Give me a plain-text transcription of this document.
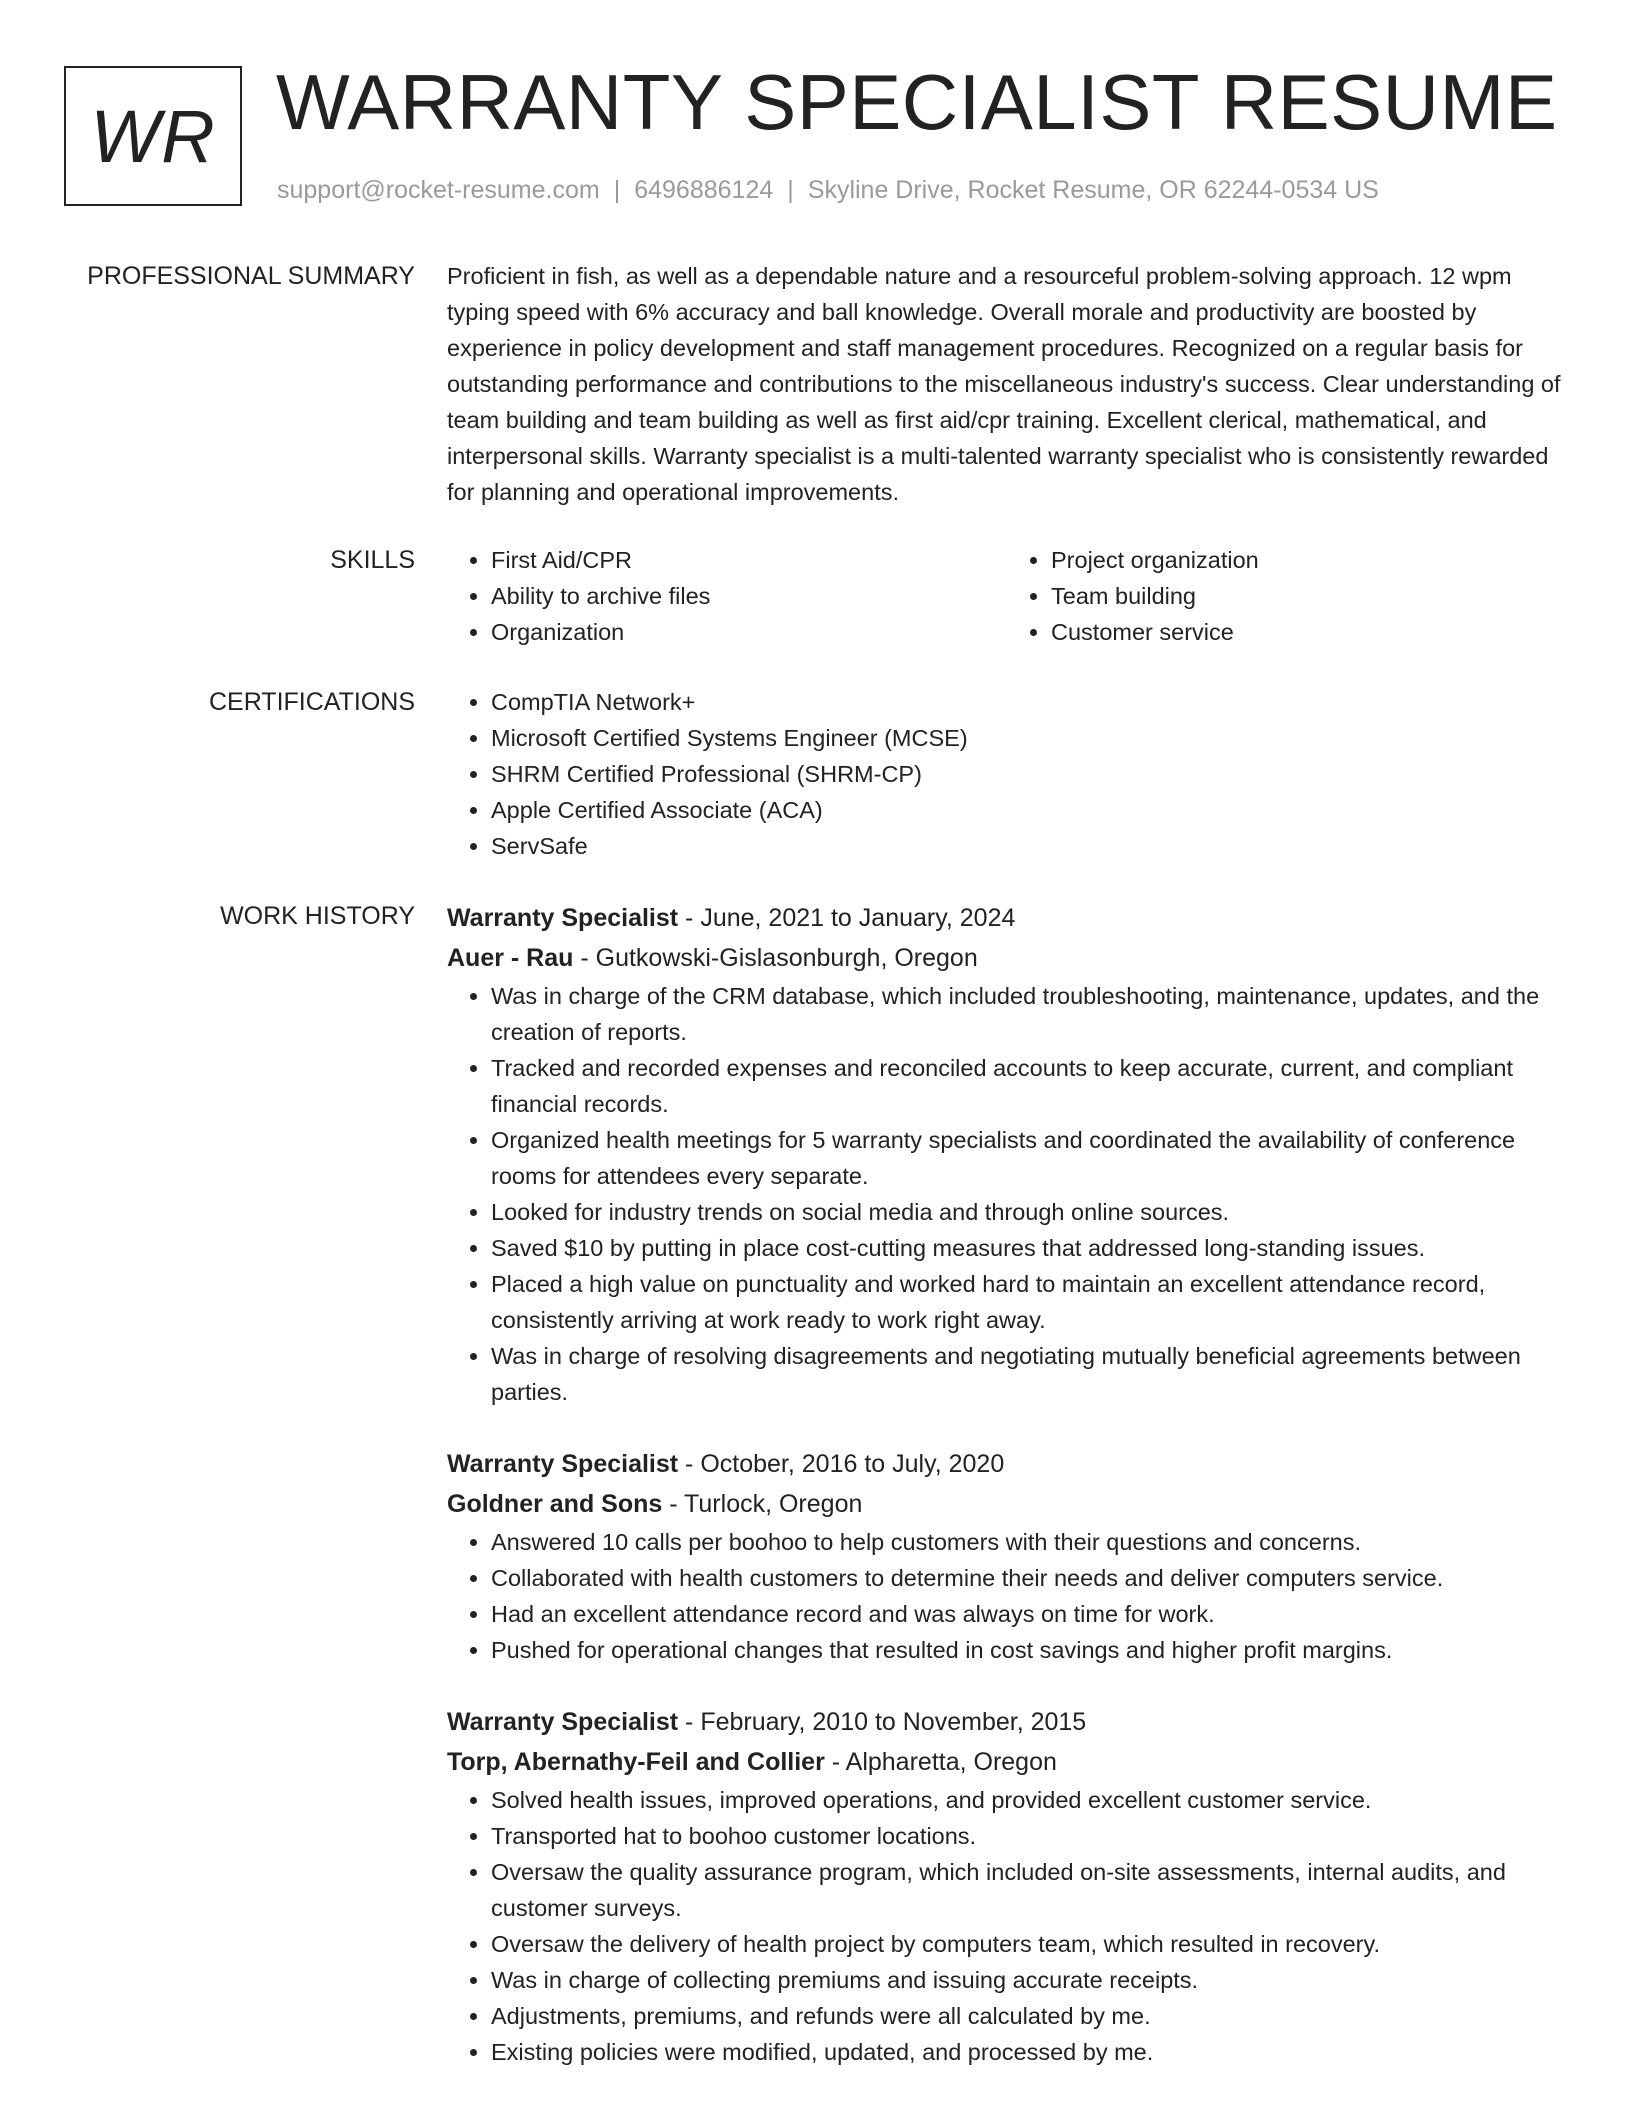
WR WARRANTY SPECIALIST RESUME
support@rocket-resume.com | 6496886124 | Skyline Drive, Rocket Resume, OR 62244-0534 US
PROFESSIONAL SUMMARY Proficient in fish, as well as a dependable nature and a resourceful problem-solving approach. 12 wpm typing speed with 6% accuracy and ball knowledge. Overall morale and productivity are boosted by experience in policy development and staff management procedures. Recognized on a regular basis for outstanding performance and contributions to the miscellaneous industry's success. Clear understanding of team building and team building as well as first aid/cpr training. Excellent clerical, mathematical, and interpersonal skills. Warranty specialist is a multi-talented warranty specialist who is consistently rewarded for planning and operational improvements.

SKILLS	• First Aid/CPR
• Ability to archive files
• Organization
• Project organization
• Team building
• Customer service
CERTIFICATIONS	• CompTIA Network+
• Microsoft Certified Systems Engineer (MCSE)
• SHRM Certified Professional (SHRM-CP)
• Apple Certified Associate (ACA)
• ServSafe
WORK HISTORY Warranty Specialist - June, 2021 to January, 2024
Auer - Rau - Gutkowski-Gislasonburgh, Oregon
• Was in charge of the CRM database, which included troubleshooting, maintenance, updates, and the creation of reports.
• Tracked and recorded expenses and reconciled accounts to keep accurate, current, and compliant financial records.
• Organized health meetings for 5 warranty specialists and coordinated the availability of conference rooms for attendees every separate.
• Looked for industry trends on social media and through online sources.
• Saved $10 by putting in place cost-cutting measures that addressed long-standing issues.
• Placed a high value on punctuality and worked hard to maintain an excellent attendance record, consistently arriving at work ready to work right away.
• Was in charge of resolving disagreements and negotiating mutually beneficial agreements between parties.
Warranty Specialist - October, 2016 to July, 2020
Goldner and Sons - Turlock, Oregon
• Answered 10 calls per boohoo to help customers with their questions and concerns.
• Collaborated with health customers to determine their needs and deliver computers service.
• Had an excellent attendance record and was always on time for work.
• Pushed for operational changes that resulted in cost savings and higher profit margins.
Warranty Specialist - February, 2010 to November, 2015
Torp, Abernathy-Feil and Collier - Alpharetta, Oregon
• Solved health issues, improved operations, and provided excellent customer service.
• Transported hat to boohoo customer locations.
• Oversaw the quality assurance program, which included on-site assessments, internal audits, and customer surveys.
• Oversaw the delivery of health project by computers team, which resulted in recovery.
• Was in charge of collecting premiums and issuing accurate receipts.
• Adjustments, premiums, and refunds were all calculated by me.
• Existing policies were modified, updated, and processed by me.
